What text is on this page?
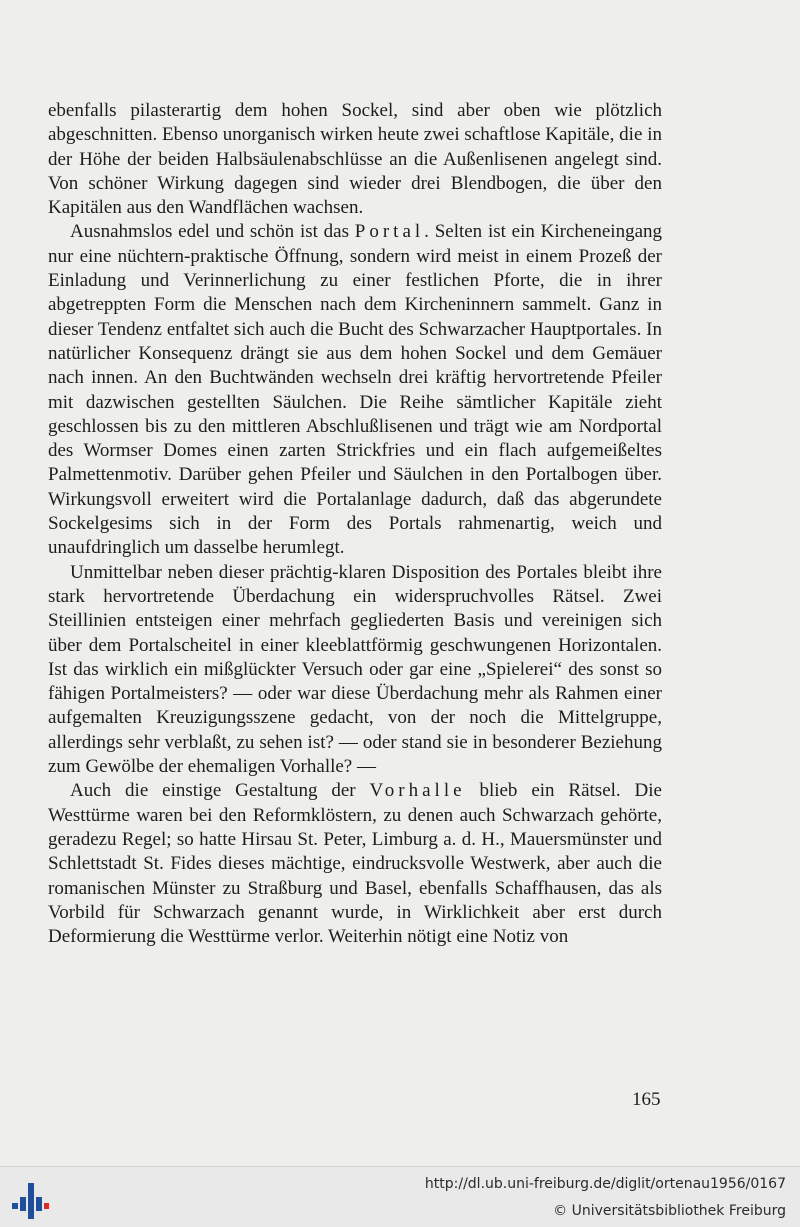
ebenfalls pilasterartig dem hohen Sockel, sind aber oben wie plötzlich abgeschnitten. Ebenso unorganisch wirken heute zwei schaftlose Kapitäle, die in der Höhe der beiden Halbsäulenabschlüsse an die Außenlisenen angelegt sind. Von schöner Wirkung dagegen sind wieder drei Blendbogen, die über den Kapitälen aus den Wandflächen wachsen.

Ausnahmslos edel und schön ist das Portal. Selten ist ein Kircheneingang nur eine nüchtern-praktische Öffnung, sondern wird meist in einem Prozeß der Einladung und Verinnerlichung zu einer festlichen Pforte, die in ihrer abgetreppten Form die Menschen nach dem Kircheninnern sammelt. Ganz in dieser Tendenz entfaltet sich auch die Bucht des Schwarzacher Hauptportales. In natürlicher Konsequenz drängt sie aus dem hohen Sockel und dem Gemäuer nach innen. An den Buchtwänden wechseln drei kräftig hervortretende Pfeiler mit dazwischen gestellten Säulchen. Die Reihe sämtlicher Kapitäle zieht geschlossen bis zu den mittleren Abschlußlisenen und trägt wie am Nordportal des Wormser Domes einen zarten Strickfries und ein flach aufgemeißeltes Palmettenmotiv. Darüber gehen Pfeiler und Säulchen in den Portalbogen über. Wirkungsvoll erweitert wird die Portalanlage dadurch, daß das abgerundete Sockelgesims sich in der Form des Portals rahmenartig, weich und unaufdringlich um dasselbe herumlegt.

Unmittelbar neben dieser prächtig-klaren Disposition des Portales bleibt ihre stark hervortretende Überdachung ein widerspruchvolles Rätsel. Zwei Steillinien entsteigen einer mehrfach gegliederten Basis und vereinigen sich über dem Portalscheitel in einer kleeblattförmig geschwungenen Horizontalen. Ist das wirklich ein mißglückter Versuch oder gar eine „Spielerei“ des sonst so fähigen Portalmeisters? — oder war diese Überdachung mehr als Rahmen einer aufgemalten Kreuzigungsszene gedacht, von der noch die Mittelgruppe, allerdings sehr verblaßt, zu sehen ist? — oder stand sie in besonderer Beziehung zum Gewölbe der ehemaligen Vorhalle? —

Auch die einstige Gestaltung der Vorhalle blieb ein Rätsel. Die Westtürme waren bei den Reformklöstern, zu denen auch Schwarzach gehörte, geradezu Regel; so hatte Hirsau St. Peter, Limburg a. d. H., Mauersmünster und Schlettstadt St. Fides dieses mächtige, eindrucksvolle Westwerk, aber auch die romanischen Münster zu Straßburg und Basel, ebenfalls Schaffhausen, das als Vorbild für Schwarzach genannt wurde, in Wirklichkeit aber erst durch Deformierung die Westtürme verlor. Weiterhin nötigt eine Notiz von

165
http://dl.ub.uni-freiburg.de/diglit/ortenau1956/0167
© Universitätsbibliothek Freiburg
